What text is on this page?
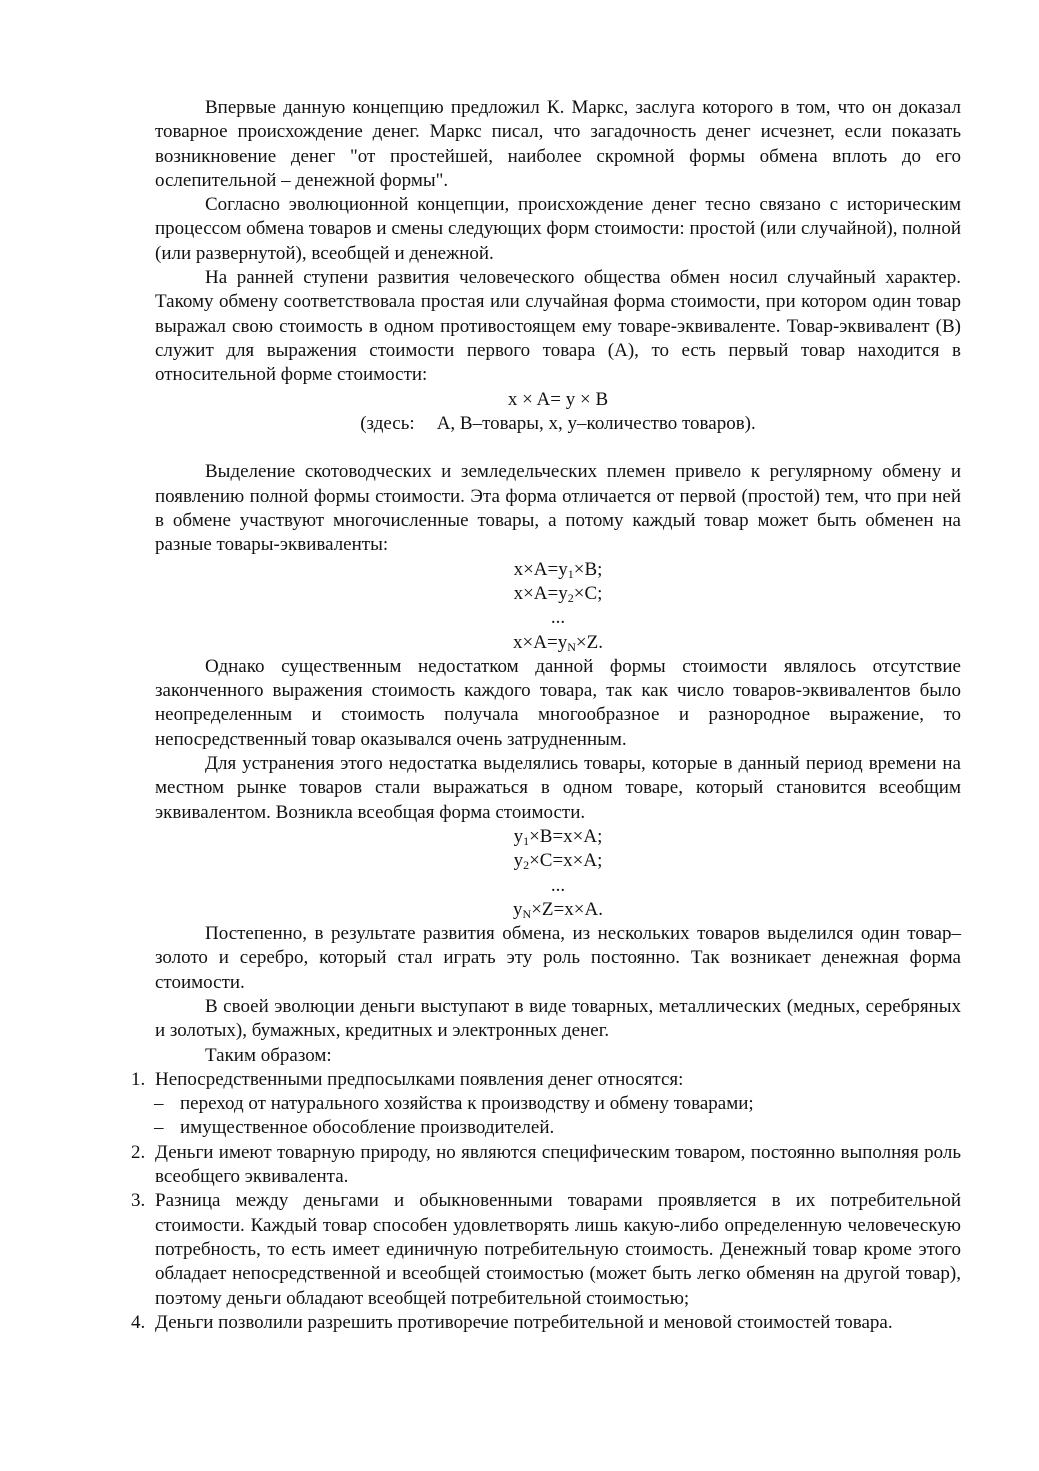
Впервые данную концепцию предложил К. Маркс, заслуга которого в том, что он доказал товарное происхождение денег. Маркс писал, что загадочность денег исчезнет, если показать возникновение денег "от простейшей, наиболее скромной формы обмена вплоть до его ослепительной – денежной формы".

Согласно эволюционной концепции, происхождение денег тесно связано с историческим процессом обмена товаров и смены следующих форм стоимости: простой (или случайной), полной (или развернутой), всеобщей и денежной.

На ранней ступени развития человеческого общества обмен носил случайный характер. Такому обмену соответствовала простая или случайная форма стоимости, при котором один товар выражал свою стоимость в одном противостоящем ему товаре-эквиваленте. Товар-эквивалент (В) служит для выражения стоимости первого товара (А), то есть первый товар находится в относительной форме стоимости:

x × A= y × B

(здесь: А, В–товары, х, у–количество товаров).

Выделение скотоводческих и земледельческих племен привело к регулярному обмену и появлению полной формы стоимости. Эта форма отличается от первой (простой) тем, что при ней в обмене участвуют многочисленные товары, а потому каждый товар может быть обменен на разные товары-эквиваленты:

$x\times A=y_1\times B$;

$x\times A=y_2\times C$;

...

$x\times A=y_N\times Z$.

Однако существенным недостатком данной формы стоимости являлось отсутствие законченного выражения стоимость каждого товара, так как число товаров-эквивалентов было неопределенным и стоимость получала многообразное и разнородное выражение, то непосредственный товар оказывался очень затрудненным.

Для устранения этого недостатка выделялись товары, которые в данный период времени на местном рынке товаров стали выражаться в одном товаре, который становится всеобщим эквивалентом. Возникла всеобщая форма стоимости.

$y_1\times B=x\times A$;

$y_2\times C=x\times A$;

...

$y_N\times Z=x\times A$.

Постепенно, в результате развития обмена, из нескольких товаров выделился один товар–золото и серебро, который стал играть эту роль постоянно. Так возникает денежная форма стоимости.

В своей эволюции деньги выступают в виде товарных, металлических (медных, серебряных и золотых), бумажных, кредитных и электронных денег.

Таким образом:

1. Непосредственными предпосылками появления денег относятся:
– переход от натурального хозяйства к производству и обмену товарами;
– имущественное обособление производителей.
2. Деньги имеют товарную природу, но являются специфическим товаром, постоянно выполняя роль всеобщего эквивалента.
3. Разница между деньгами и обыкновенными товарами проявляется в их потребительной стоимости. Каждый товар способен удовлетворять лишь какую-либо определенную человеческую потребность, то есть имеет единичную потребительную стоимость. Денежный товар кроме этого обладает непосредственной и всеобщей стоимостью (может быть легко обменян на другой товар), поэтому деньги обладают всеобщей потребительной стоимостью;
4. Деньги позволили разрешить противоречие потребительной и меновой стоимостей товара.
